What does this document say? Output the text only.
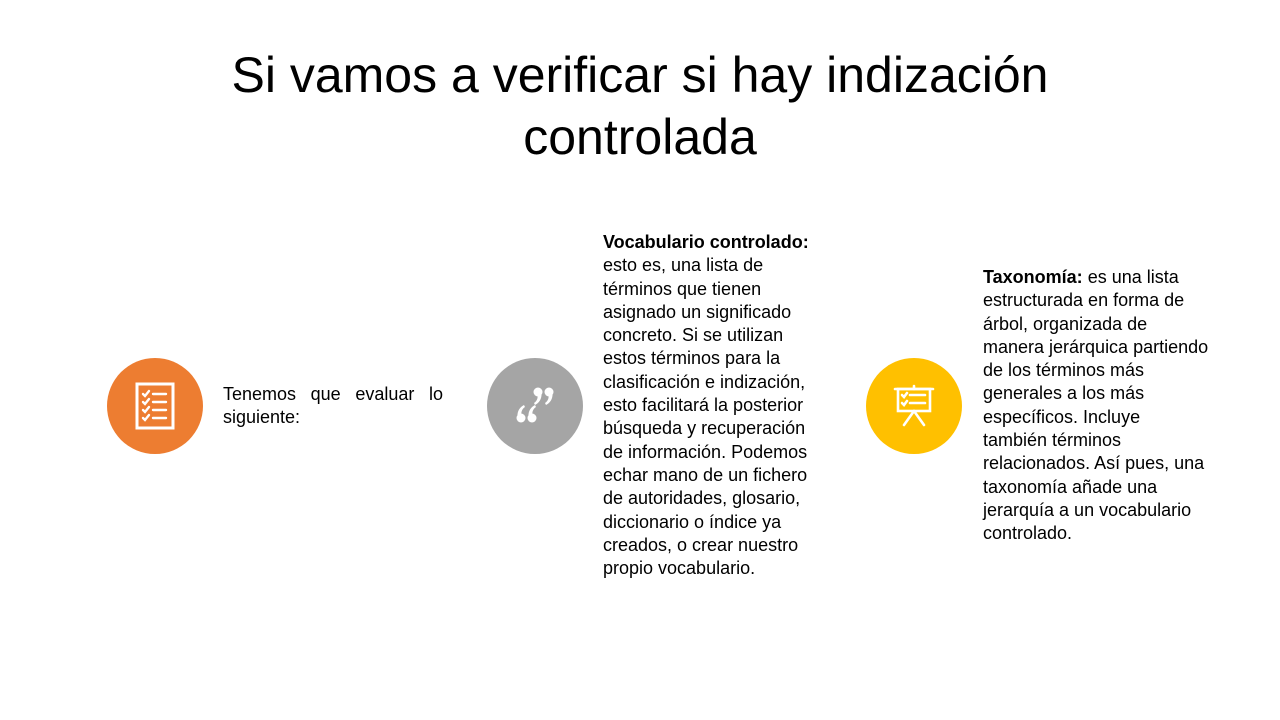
Si vamos a verificar si hay indización controlada
Tenemos que evaluar lo siguiente:
Vocabulario controlado: esto es, una lista de términos que tienen asignado un significado concreto. Si se utilizan estos términos para la clasificación e indización, esto facilitará la posterior búsqueda y recuperación de información. Podemos echar mano de un fichero de autoridades, glosario, diccionario o índice ya creados, o crear nuestro propio vocabulario.
Taxonomía: es una lista estructurada en forma de árbol, organizada de manera jerárquica partiendo de los términos más generales a los más específicos. Incluye también términos relacionados. Así pues, una taxonomía añade una jerarquía a un vocabulario controlado.
